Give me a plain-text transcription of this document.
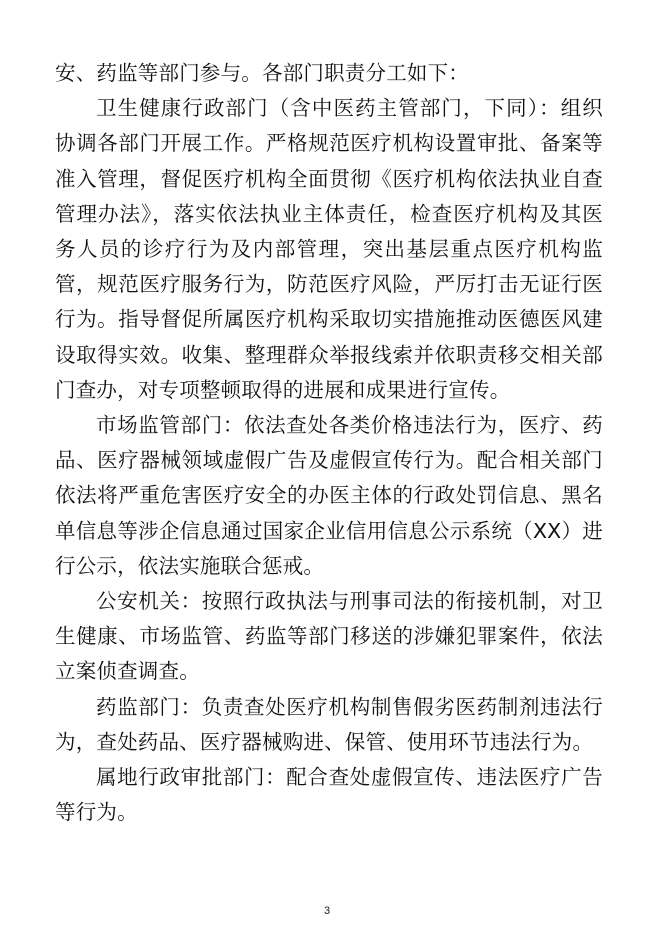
安、药监等部门参与。各部门职责分工如下：

卫生健康行政部门（含中医药主管部门，下同）：组织协调各部门开展工作。严格规范医疗机构设置审批、备案等准入管理，督促医疗机构全面贯彻《医疗机构依法执业自查管理办法》，落实依法执业主体责任，检查医疗机构及其医务人员的诊疗行为及内部管理，突出基层重点医疗机构监管，规范医疗服务行为，防范医疗风险，严厉打击无证行医行为。指导督促所属医疗机构采取切实措施推动医德医风建设取得实效。收集、整理群众举报线索并依职责移交相关部门查办，对专项整顿取得的进展和成果进行宣传。

市场监管部门：依法查处各类价格违法行为，医疗、药品、医疗器械领域虚假广告及虚假宣传行为。配合相关部门依法将严重危害医疗安全的办医主体的行政处罚信息、黑名单信息等涉企信息通过国家企业信用信息公示系统（XX）进行公示，依法实施联合惩戒。

公安机关：按照行政执法与刑事司法的衔接机制，对卫生健康、市场监管、药监等部门移送的涉嫌犯罪案件，依法立案侦查调查。

药监部门：负责查处医疗机构制售假劣医药制剂违法行为，查处药品、医疗器械购进、保管、使用环节违法行为。

属地行政审批部门：配合查处虚假宣传、违法医疗广告等行为。

3
